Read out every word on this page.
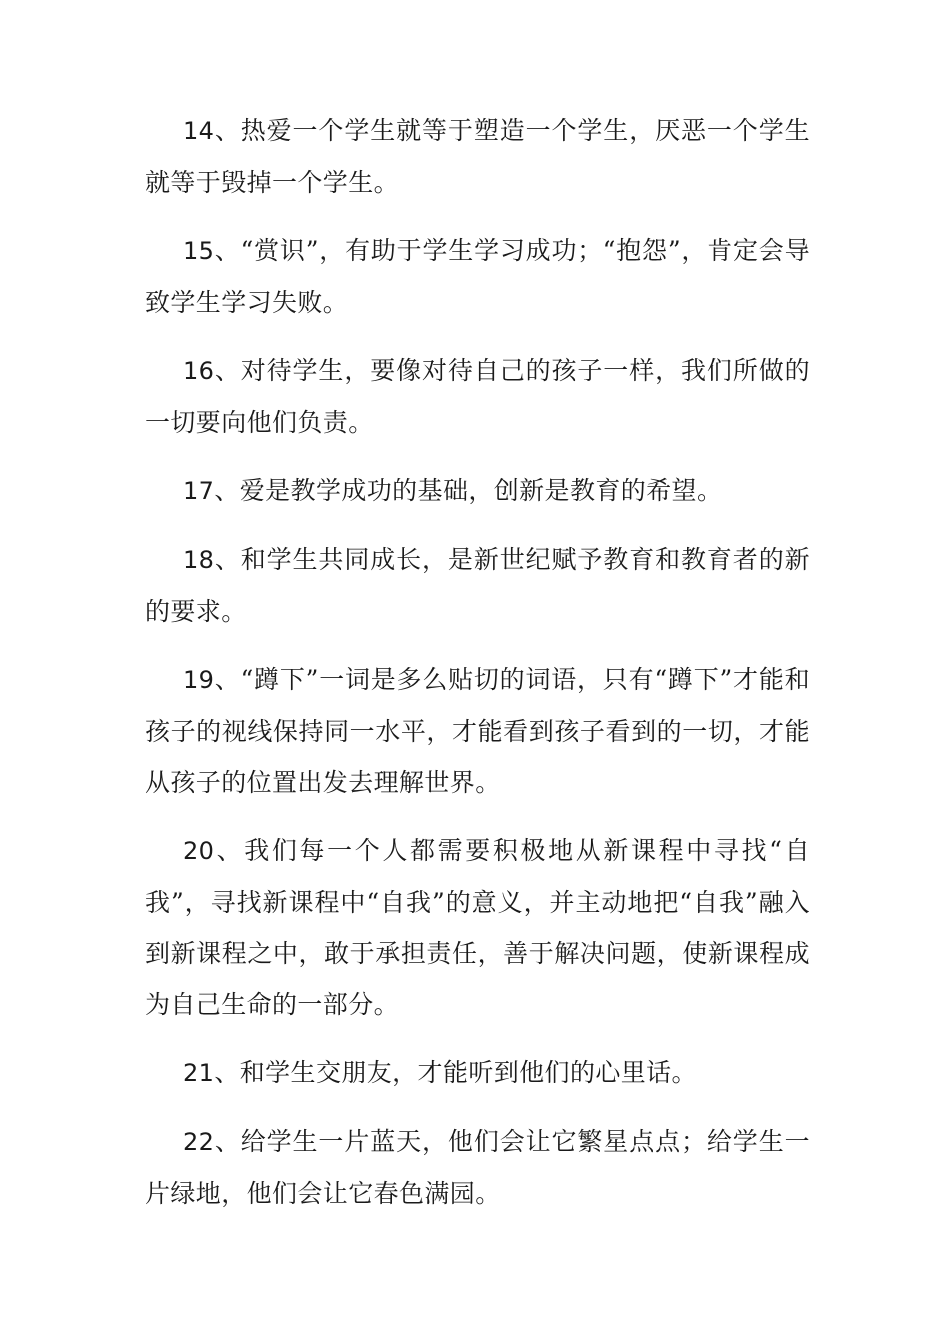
14、热爱一个学生就等于塑造一个学生，厌恶一个学生就等于毁掉一个学生。

15、“赏识”，有助于学生学习成功；“抱怨”，肯定会导致学生学习失败。

16、对待学生，要像对待自己的孩子一样，我们所做的一切要向他们负责。

17、爱是教学成功的基础，创新是教育的希望。

18、和学生共同成长，是新世纪赋予教育和教育者的新的要求。

19、“蹲下”一词是多么贴切的词语，只有“蹲下”才能和孩子的视线保持同一水平，才能看到孩子看到的一切，才能从孩子的位置出发去理解世界。

20、我们每一个人都需要积极地从新课程中寻找“自我”，寻找新课程中“自我”的意义，并主动地把“自我”融入到新课程之中，敢于承担责任，善于解决问题，使新课程成为自己生命的一部分。

21、和学生交朋友，才能听到他们的心里话。

22、给学生一片蓝天，他们会让它繁星点点；给学生一片绿地，他们会让它春色满园。
